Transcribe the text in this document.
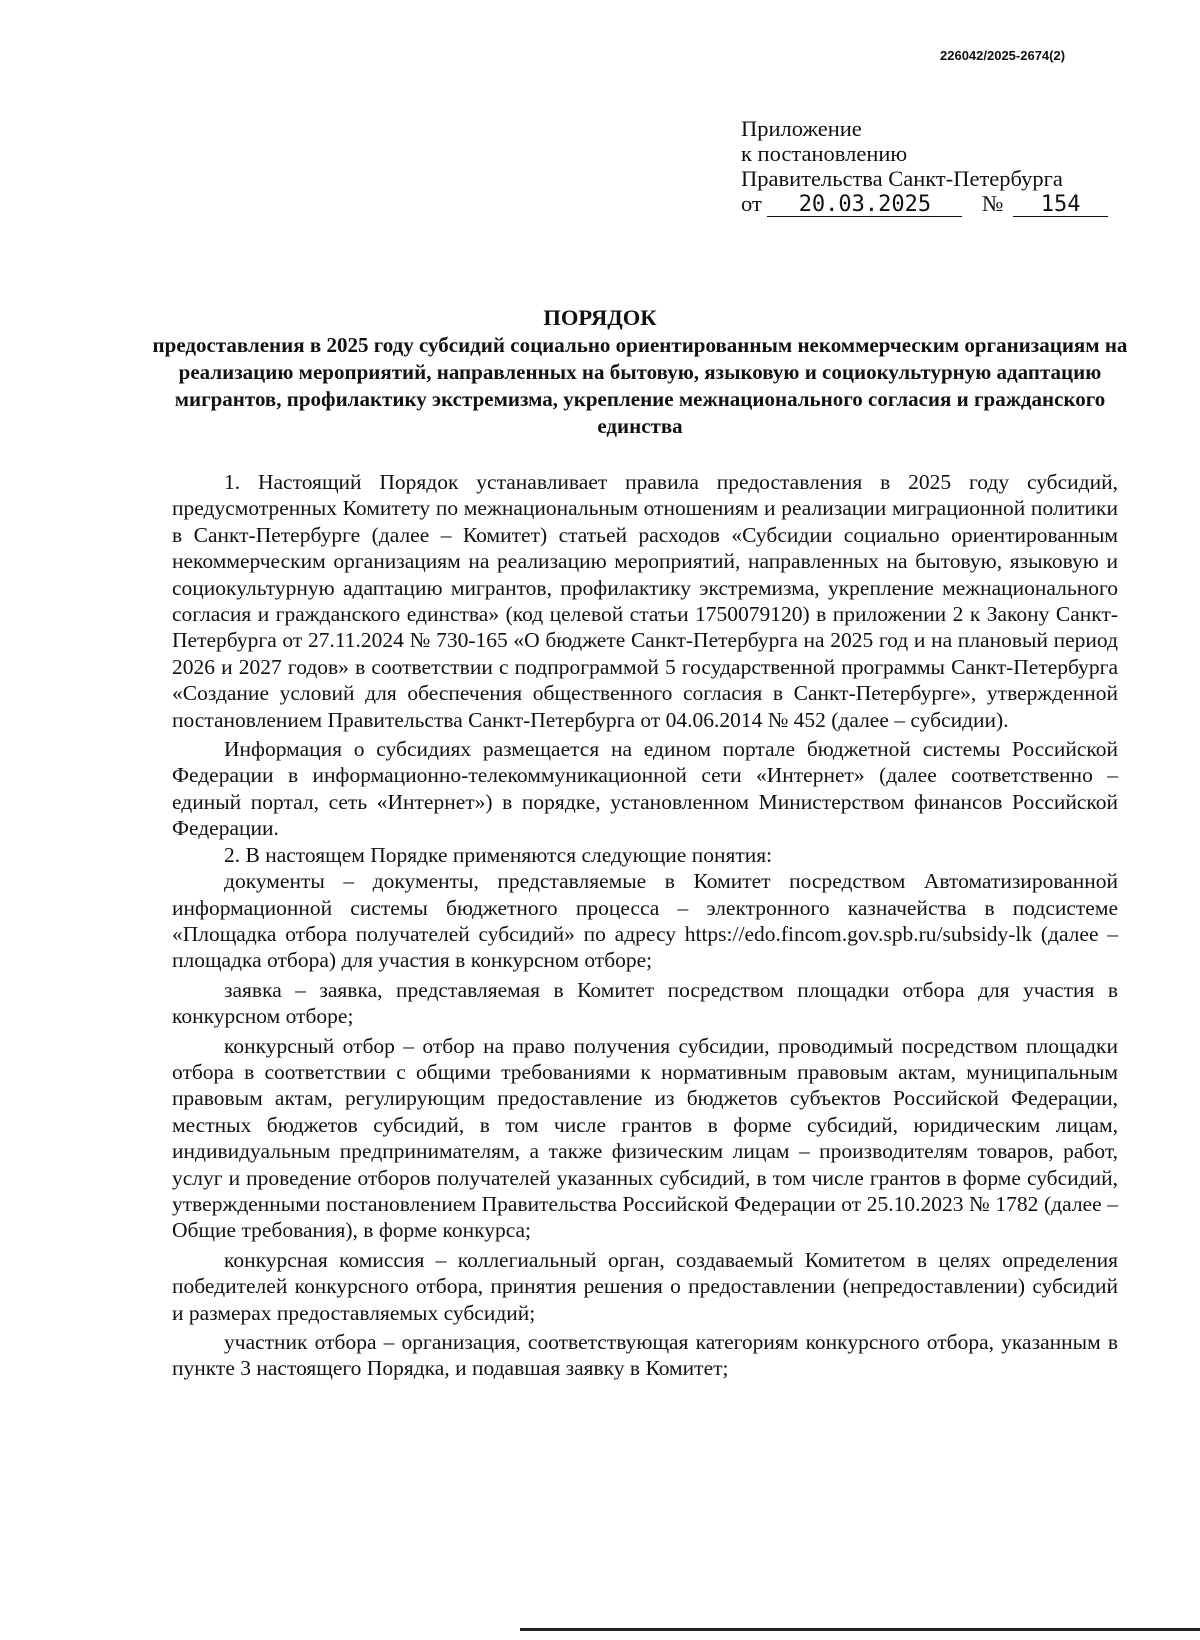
226042/2025-2674(2)
Приложение
к постановлению
Правительства Санкт-Петербурга
от 20.03.2025 № 154
ПОРЯДОК
предоставления в 2025 году субсидий социально ориентированным некоммерческим организациям на реализацию мероприятий, направленных на бытовую, языковую и социокультурную адаптацию мигрантов, профилактику экстремизма, укрепление межнационального согласия и гражданского единства

1. Настоящий Порядок устанавливает правила предоставления в 2025 году субсидий, предусмотренных Комитету по межнациональным отношениям и реализации миграционной политики в Санкт-Петербурге (далее – Комитет) статьей расходов «Субсидии социально ориентированным некоммерческим организациям на реализацию мероприятий, направленных на бытовую, языковую и социокультурную адаптацию мигрантов, профилактику экстремизма, укрепление межнационального согласия и гражданского единства» (код целевой статьи 1750079120) в приложении 2 к Закону Санкт-Петербурга от 27.11.2024 № 730-165 «О бюджете Санкт-Петербурга на 2025 год и на плановый период 2026 и 2027 годов» в соответствии с подпрограммой 5 государственной программы Санкт-Петербурга «Создание условий для обеспечения общественного согласия в Санкт-Петербурге», утвержденной постановлением Правительства Санкт-Петербурга от 04.06.2014 № 452 (далее – субсидии).

Информация о субсидиях размещается на едином портале бюджетной системы Российской Федерации в информационно-телекоммуникационной сети «Интернет» (далее соответственно – единый портал, сеть «Интернет») в порядке, установленном Министерством финансов Российской Федерации.

2. В настоящем Порядке применяются следующие понятия:

документы – документы, представляемые в Комитет посредством Автоматизированной информационной системы бюджетного процесса – электронного казначейства в подсистеме «Площадка отбора получателей субсидий» по адресу https://edo.fincom.gov.spb.ru/subsidy-lk (далее – площадка отбора) для участия в конкурсном отборе;

заявка – заявка, представляемая в Комитет посредством площадки отбора для участия в конкурсном отборе;

конкурсный отбор – отбор на право получения субсидии, проводимый посредством площадки отбора в соответствии с общими требованиями к нормативным правовым актам, муниципальным правовым актам, регулирующим предоставление из бюджетов субъектов Российской Федерации, местных бюджетов субсидий, в том числе грантов в форме субсидий, юридическим лицам, индивидуальным предпринимателям, а также физическим лицам – производителям товаров, работ, услуг и проведение отборов получателей указанных субсидий, в том числе грантов в форме субсидий, утвержденными постановлением Правительства Российской Федерации от 25.10.2023 № 1782 (далее – Общие требования), в форме конкурса;

конкурсная комиссия – коллегиальный орган, создаваемый Комитетом в целях определения победителей конкурсного отбора, принятия решения о предоставлении (непредоставлении) субсидий и размерах предоставляемых субсидий;

участник отбора – организация, соответствующая категориям конкурсного отбора, указанным в пункте 3 настоящего Порядка, и подавшая заявку в Комитет;
